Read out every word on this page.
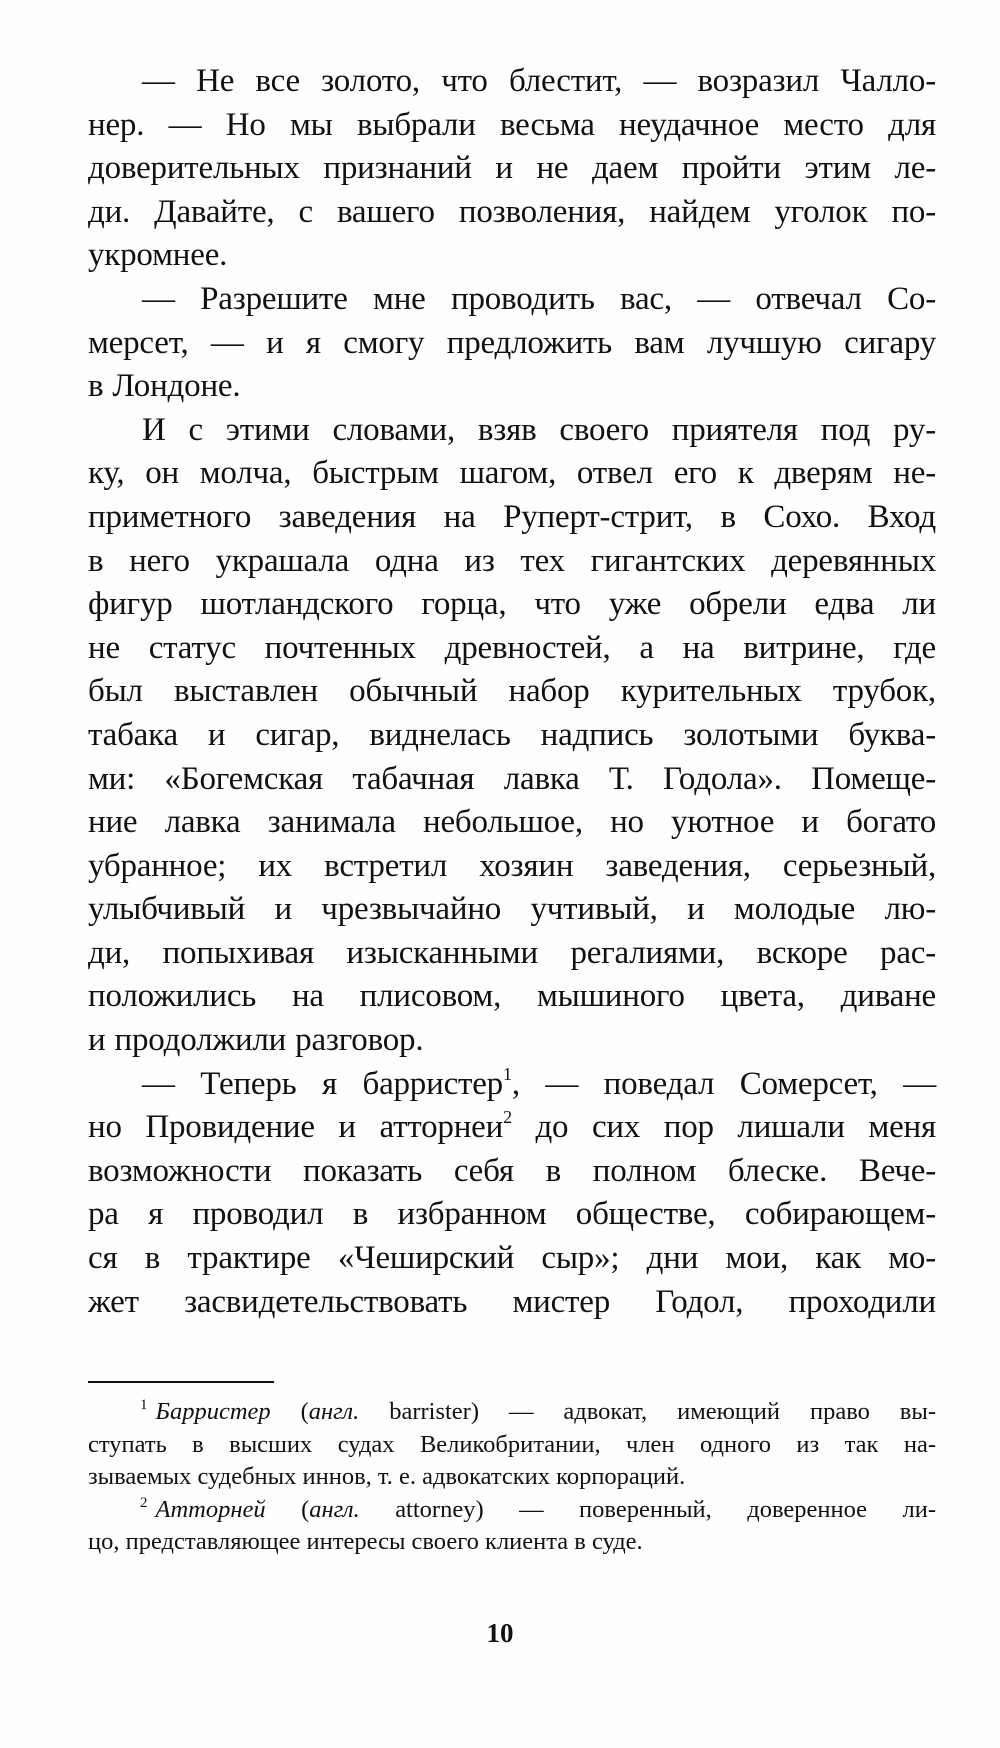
— Не все золото, что блестит, — возразил Чалло-
нер. — Но мы выбрали весьма неудачное место для
доверительных признаний и не даем пройти этим ле-
ди. Давайте, с вашего позволения, найдем уголок по-
укромнее.
— Разрешите мне проводить вас, — отвечал Со-
мерсет, — и я смогу предложить вам лучшую сигару
в Лондоне.
И с этими словами, взяв своего приятеля под ру-
ку, он молча, быстрым шагом, отвел его к дверям не-
приметного заведения на Руперт-стрит, в Сохо. Вход
в него украшала одна из тех гигантских деревянных
фигур шотландского горца, что уже обрели едва ли
не статус почтенных древностей, а на витрине, где
был выставлен обычный набор курительных трубок,
табака и сигар, виднелась надпись золотыми буква-
ми: «Богемская табачная лавка Т. Годола». Помеще-
ние лавка занимала небольшое, но уютное и богато
убранное; их встретил хозяин заведения, серьезный,
улыбчивый и чрезвычайно учтивый, и молодые лю-
ди, попыхивая изысканными регалиями, вскоре рас-
положились на плисовом, мышиного цвета, диване
и продолжили разговор.
— Теперь я барристер$^1$, — поведал Сомерсет, —
но Провидение и атторнеи$^2$ до сих пор лишали меня
возможности показать себя в полном блеске. Вече-
ра я проводил в избранном обществе, собирающем-
ся в трактире «Чеширский сыр»; дни мои, как мо-
жет засвидетельствовать мистер Годол, проходили
$^1$ Барристер (англ. barrister) — адвокат, имеющий право вы-
ступать в высших судах Великобритании, член одного из так на-
зываемых судебных иннов, т. е. адвокатских корпораций.
$^2$ Атторней (англ. attorney) — поверенный, доверенное ли-
цо, представляющее интересы своего клиента в суде.
10
